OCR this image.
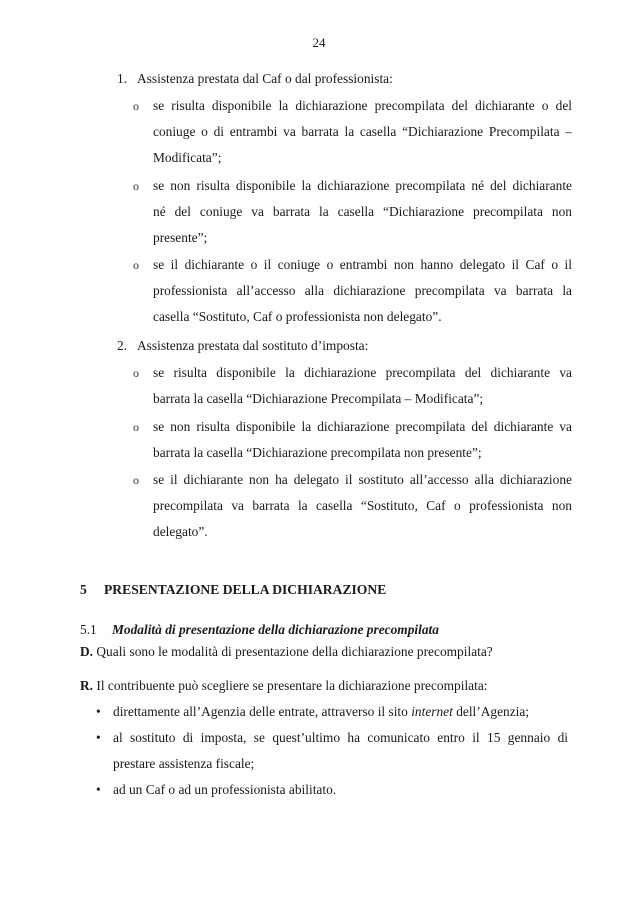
24
1. Assistenza prestata dal Caf o dal professionista:
o se risulta disponibile la dichiarazione precompilata del dichiarante o del
coniuge o di entrambi va barrata la casella “Dichiarazione Precompilata –
Modificata”;
o se non risulta disponibile la dichiarazione precompilata né del dichiarante
né del coniuge va barrata la casella “Dichiarazione precompilata non
presente”;
o se il dichiarante o il coniuge o entrambi non hanno delegato il Caf o il
professionista all’accesso alla dichiarazione precompilata va barrata la
casella “Sostituto, Caf o professionista non delegato”.
2. Assistenza prestata dal sostituto d’imposta:
o se risulta disponibile la dichiarazione precompilata del dichiarante va
barrata la casella “Dichiarazione Precompilata – Modificata”;
o se non risulta disponibile la dichiarazione precompilata del dichiarante va
barrata la casella “Dichiarazione precompilata non presente”;
o se il dichiarante non ha delegato il sostituto all’accesso alla dichiarazione
precompilata va barrata la casella “Sostituto, Caf o professionista non
delegato”.
5 PRESENTAZIONE DELLA DICHIARAZIONE
5.1 Modalità di presentazione della dichiarazione precompilata
D. Quali sono le modalità di presentazione della dichiarazione precompilata?
R. Il contribuente può scegliere se presentare la dichiarazione precompilata:
• direttamente all’Agenzia delle entrate, attraverso il sito internet dell’Agenzia;
• al sostituto di imposta, se quest’ultimo ha comunicato entro il 15 gennaio di
prestare assistenza fiscale;
• ad un Caf o ad un professionista abilitato.
